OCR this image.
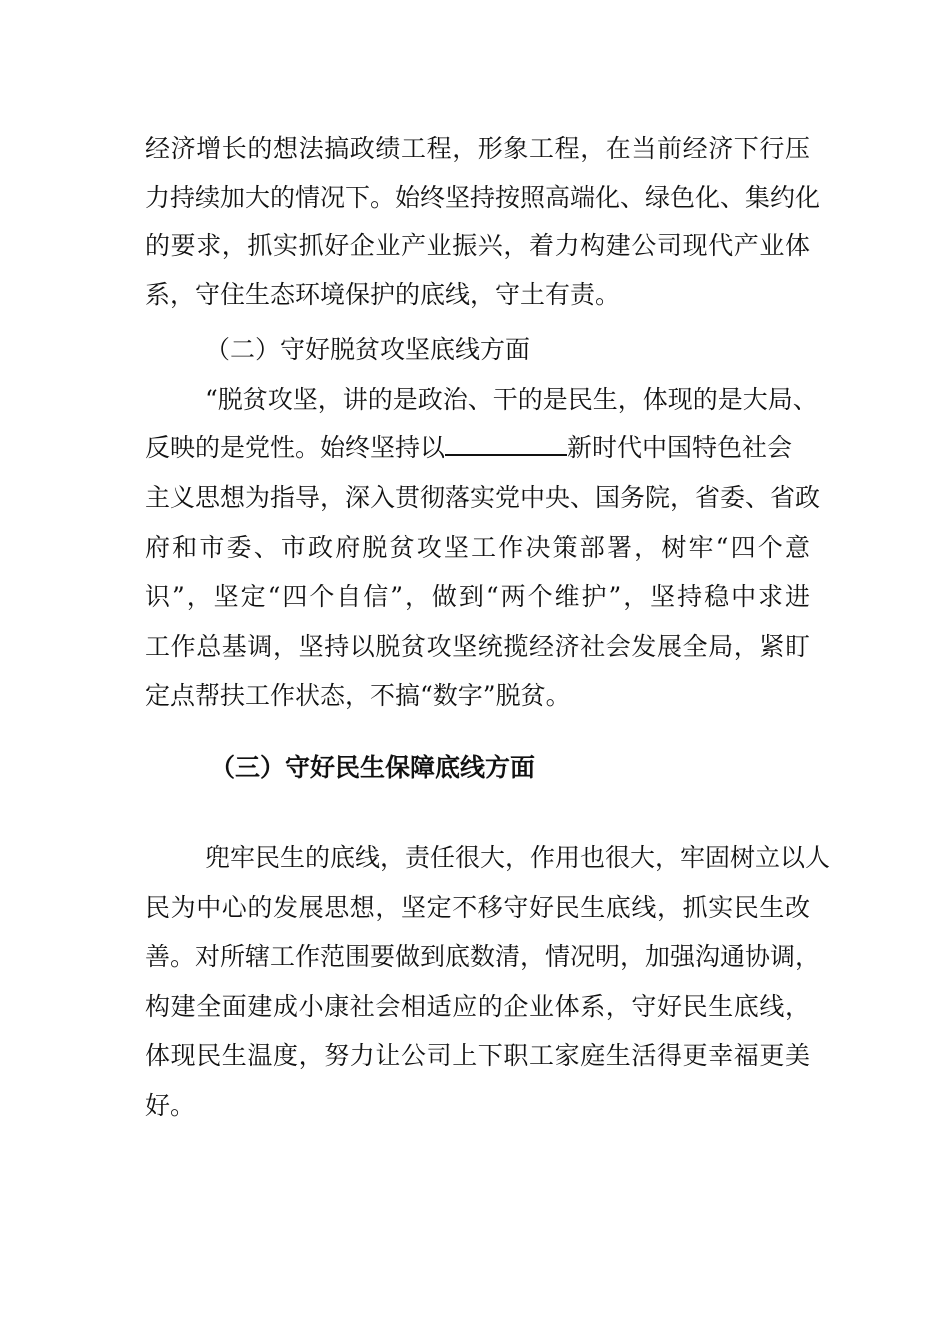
经济增长的想法搞政绩工程，形象工程，在当前经济下行压
力持续加大的情况下。始终坚持按照高端化、绿色化、集约化
的要求，抓实抓好企业产业振兴，着力构建公司现代产业体
系，守住生态环境保护的底线，守土有责。
（二）守好脱贫攻坚底线方面
“脱贫攻坚，讲的是政治、干的是民生，体现的是大局、
反映的是党性。始终坚持以	新时代中国特色社会
主义思想为指导，深入贯彻落实党中央、国务院，省委、省政
府和市委、市政府脱贫攻坚工作决策部署，树牢“四个意
识”，坚定“四个自信”，做到“两个维护”，坚持稳中求进
工作总基调，坚持以脱贫攻坚统揽经济社会发展全局，紧盯
定点帮扶工作状态，不搞“数字”脱贫。
（三）守好民生保障底线方面
兜牢民生的底线，责任很大，作用也很大，牢固树立以人
民为中心的发展思想，坚定不移守好民生底线，抓实民生改
善。对所辖工作范围要做到底数清，情况明，加强沟通协调，
构建全面建成小康社会相适应的企业体系，守好民生底线，
体现民生温度，努力让公司上下职工家庭生活得更幸福更美
好。
